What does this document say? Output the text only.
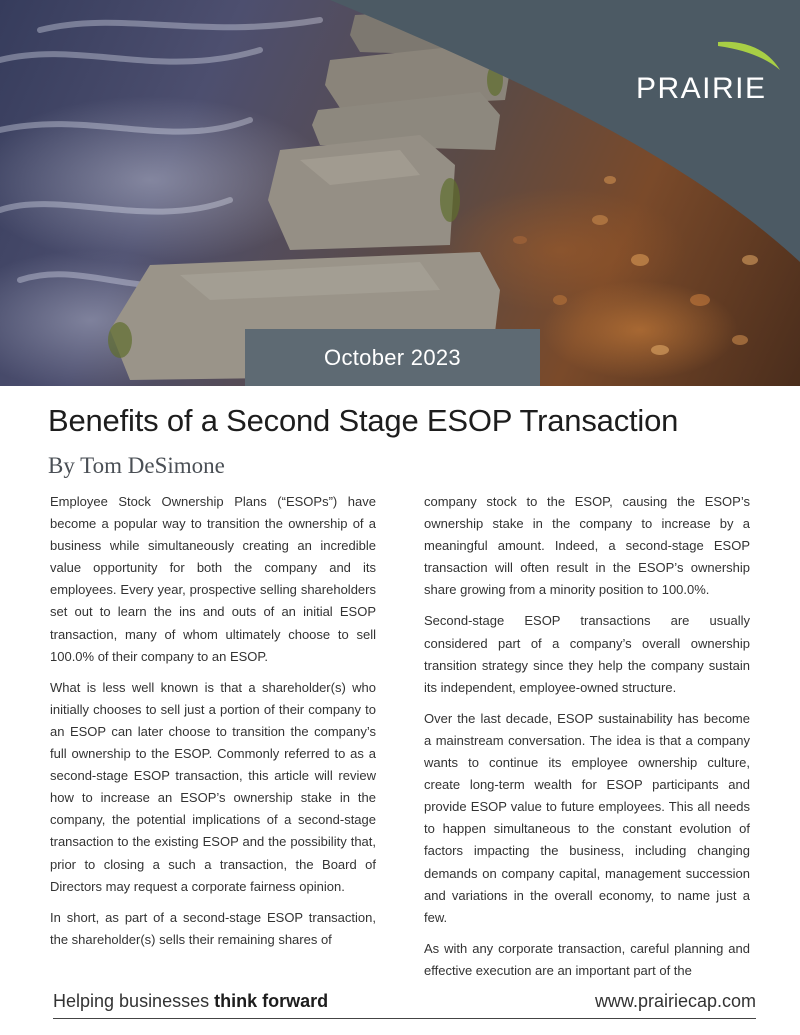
PRAIRIE
October 2023
Benefits of a Second Stage ESOP Transaction
By Tom DeSimone

Employee Stock Ownership Plans (“ESOPs”) have become a popular way to transition the ownership of a business while simultaneously creating an incredible value opportunity for both the company and its employees. Every year, prospective selling shareholders set out to learn the ins and outs of an initial ESOP transaction, many of whom ultimately choose to sell 100.0% of their company to an ESOP.

What is less well known is that a shareholder(s) who initially chooses to sell just a portion of their company to an ESOP can later choose to transition the company’s full ownership to the ESOP. Commonly referred to as a second-stage ESOP transaction, this article will review how to increase an ESOP’s ownership stake in the company, the potential implications of a second-stage transaction to the existing ESOP and the possibility that, prior to closing a such a transaction, the Board of Directors may request a corporate fairness opinion.

In short, as part of a second-stage ESOP transaction, the shareholder(s) sells their remaining shares of

company stock to the ESOP, causing the ESOP’s ownership stake in the company to increase by a meaningful amount. Indeed, a second-stage ESOP transaction will often result in the ESOP’s ownership share growing from a minority position to 100.0%.

Second-stage ESOP transactions are usually considered part of a company’s overall ownership transition strategy since they help the company sustain its independent, employee-owned structure.

Over the last decade, ESOP sustainability has become a mainstream conversation. The idea is that a company wants to continue its employee ownership culture, create long-term wealth for ESOP participants and provide ESOP value to future employees. This all needs to happen simultaneous to the constant evolution of factors impacting the business, including changing demands on company capital, management succession and variations in the overall economy, to name just a few.

As with any corporate transaction, careful planning and effective execution are an important part of the

Helping businesses think forward	www.prairiecap.com
